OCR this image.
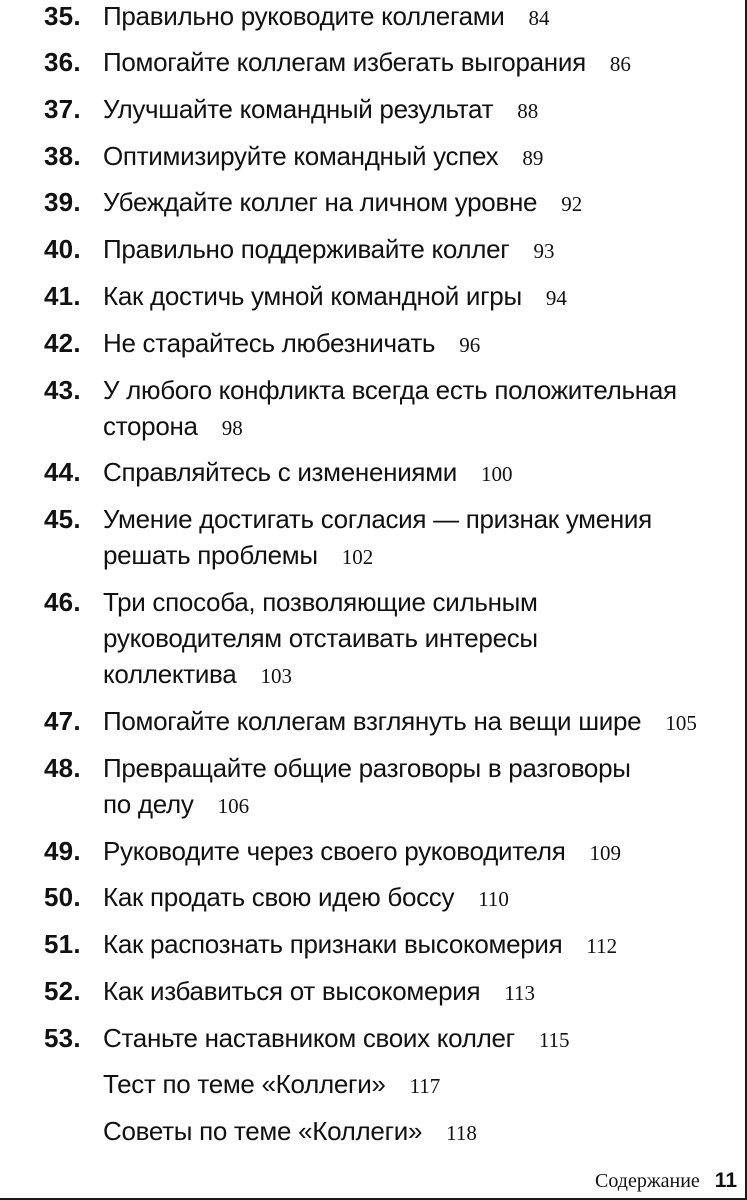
35. Правильно руководите коллегами 84
36. Помогайте коллегам избегать выгорания 86
37. Улучшайте командный результат 88
38. Оптимизируйте командный успех 89
39. Убеждайте коллег на личном уровне 92
40. Правильно поддерживайте коллег 93
41. Как достичь умной командной игры 94
42. Не старайтесь любезничать 96
43. У любого конфликта всегда есть положительная
сторона 98
44. Справляйтесь с изменениями 100
45. Умение достигать согласия — признак умения
решать проблемы 102
46. Три способа, позволяющие сильным
руководителям отстаивать интересы
коллектива 103
47. Помогайте коллегам взглянуть на вещи шире 105
48. Превращайте общие разговоры в разговоры
по делу 106
49. Руководите через своего руководителя 109
50. Как продать свою идею боссу 110
51. Как распознать признаки высокомерия 112
52. Как избавиться от высокомерия 113
53. Станьте наставником своих коллег 115
Тест по теме «Коллеги» 117
Советы по теме «Коллеги» 118
Содержание 11
